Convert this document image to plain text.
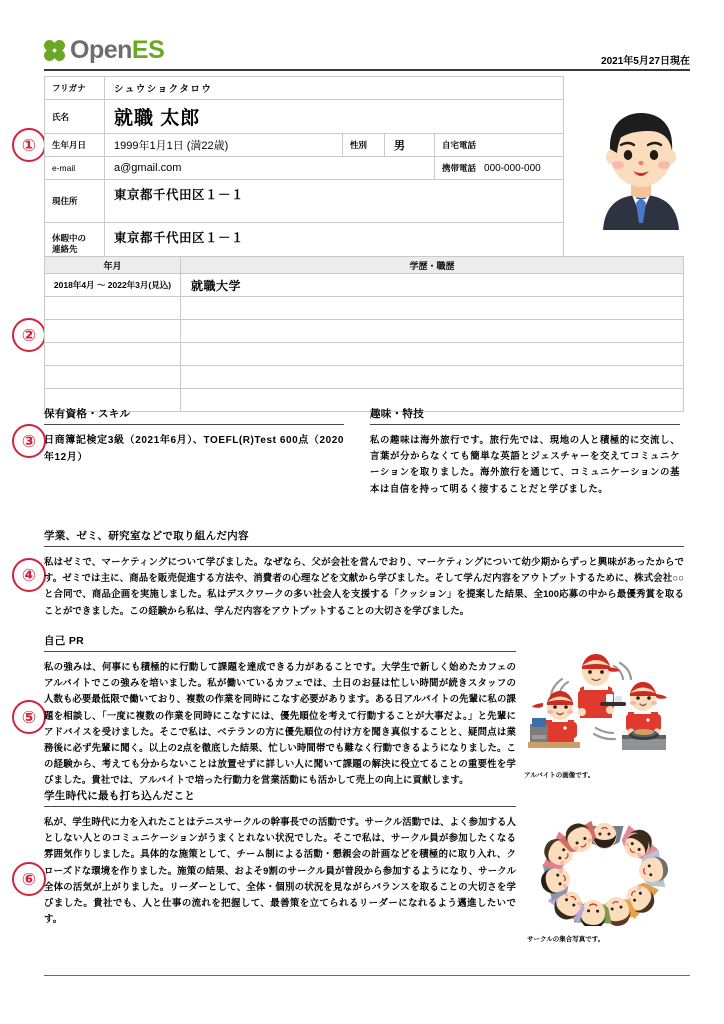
OpenES	2021年5月27日現在
①
②
③
④
⑤
⑥
フリガナ	シュウショクタロウ			
氏名	就職 太郎			
生年月日	1999年1月1日 (満22歳)	性別	男	自宅電話
e-mail	a@gmail.com			携帯電話 000-000-000
現住所	東京都千代田区１－１			
休暇中の
連絡先	東京都千代田区１－１			
年月	学歴・職歴
2018年4月 ～ 2022年3月(見込)	就職大学

保有資格・スキル

日商簿記検定3級（2021年6月）、TOEFL(R)Test 600点（2020年12月）

趣味・特技

私の趣味は海外旅行です。旅行先では、現地の人と積極的に交流し、言葉が分からなくても簡単な英語とジェスチャーを交えてコミュニケーションを取りました。海外旅行を通じて、コミュニケーションの基本は自信を持って明るく接することだと学びました。

学業、ゼミ、研究室などで取り組んだ内容

私はゼミで、マーケティングについて学びました。なぜなら、父が会社を営んでおり、マーケティングについて幼少期からずっと興味があったからです。ゼミでは主に、商品を販売促進する方法や、消費者の心理などを文献から学びました。そして学んだ内容をアウトプットするために、株式会社○○と合同で、商品企画を実施しました。私はデスクワークの多い社会人を支援する「クッション」を提案した結果、全100応募の中から最優秀賞を取ることができました。この経験から私は、学んだ内容をアウトプットすることの大切さを学びました。

自己 PR

私の強みは、何事にも積極的に行動して課題を達成できる力があることです。大学生で新しく始めたカフェのアルバイトでこの強みを培いました。私が働いているカフェでは、土日のお昼は忙しい時間が続きスタッフの人数も必要最低限で働いており、複数の作業を同時にこなす必要があります。ある日アルバイトの先輩に私の課題を相談し、「一度に複数の作業を同時にこなすには、優先順位を考えて行動することが大事だよ。」と先輩にアドバイスを受けました。そこで私は、ベテランの方に優先順位の付け方を聞き真似することと、疑問点は業務後に必ず先輩に聞く。以上の2点を徹底した結果、忙しい時間帯でも難なく行動できるようになりました。この経験から、考えても分からないことは放置せずに詳しい人に聞いて課題の解決に役立てることの重要性を学びました。貴社では、アルバイトで培った行動力を営業活動にも活かして売上の向上に貢献します。	アルバイトの画像です。
学生時代に最も打ち込んだこと

私が、学生時代に力を入れたことはテニスサークルの幹事長での活動です。サークル活動では、よく参加する人としない人とのコミュニケーションがうまくとれない状況でした。そこで私は、サークル員が参加したくなる雰囲気作りしました。具体的な施策として、チーム制による活動・懇親会の計画などを積極的に取り入れ、クローズドな環境を作りました。施策の結果、およそ9割のサークル員が普段から参加するようになり、サークル全体の活気が上がりました。リーダーとして、全体・個別の状況を見ながらバランスを取ることの大切さを学びました。貴社でも、人と仕事の流れを把握して、最善策を立てられるリーダーになれるよう邁進したいです。

サークルの集合写真です。
